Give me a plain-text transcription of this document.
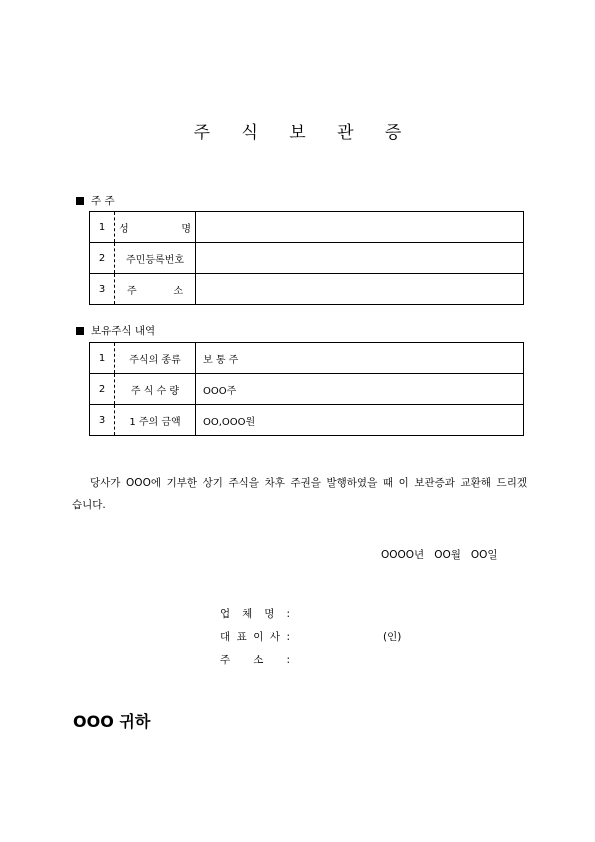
주 식 보 관 증
주 주
1	성 명	
2	주민등록번호	
3	주 소	
보유주식 내역
1	주식의 종류	보 통 주
2	주 식 수 량	OOO주
3	1 주의 금액	OO,OOO원
당사가 OOO에 기부한 상기 주식을 차후 주권을 발행하였을 때 이 보관증과 교환해 드리겠습니다.
OOOO년   OO월   OO일
업 체 명 :
대 표 이 사 :	(인)
주 소 :
OOO 귀하
